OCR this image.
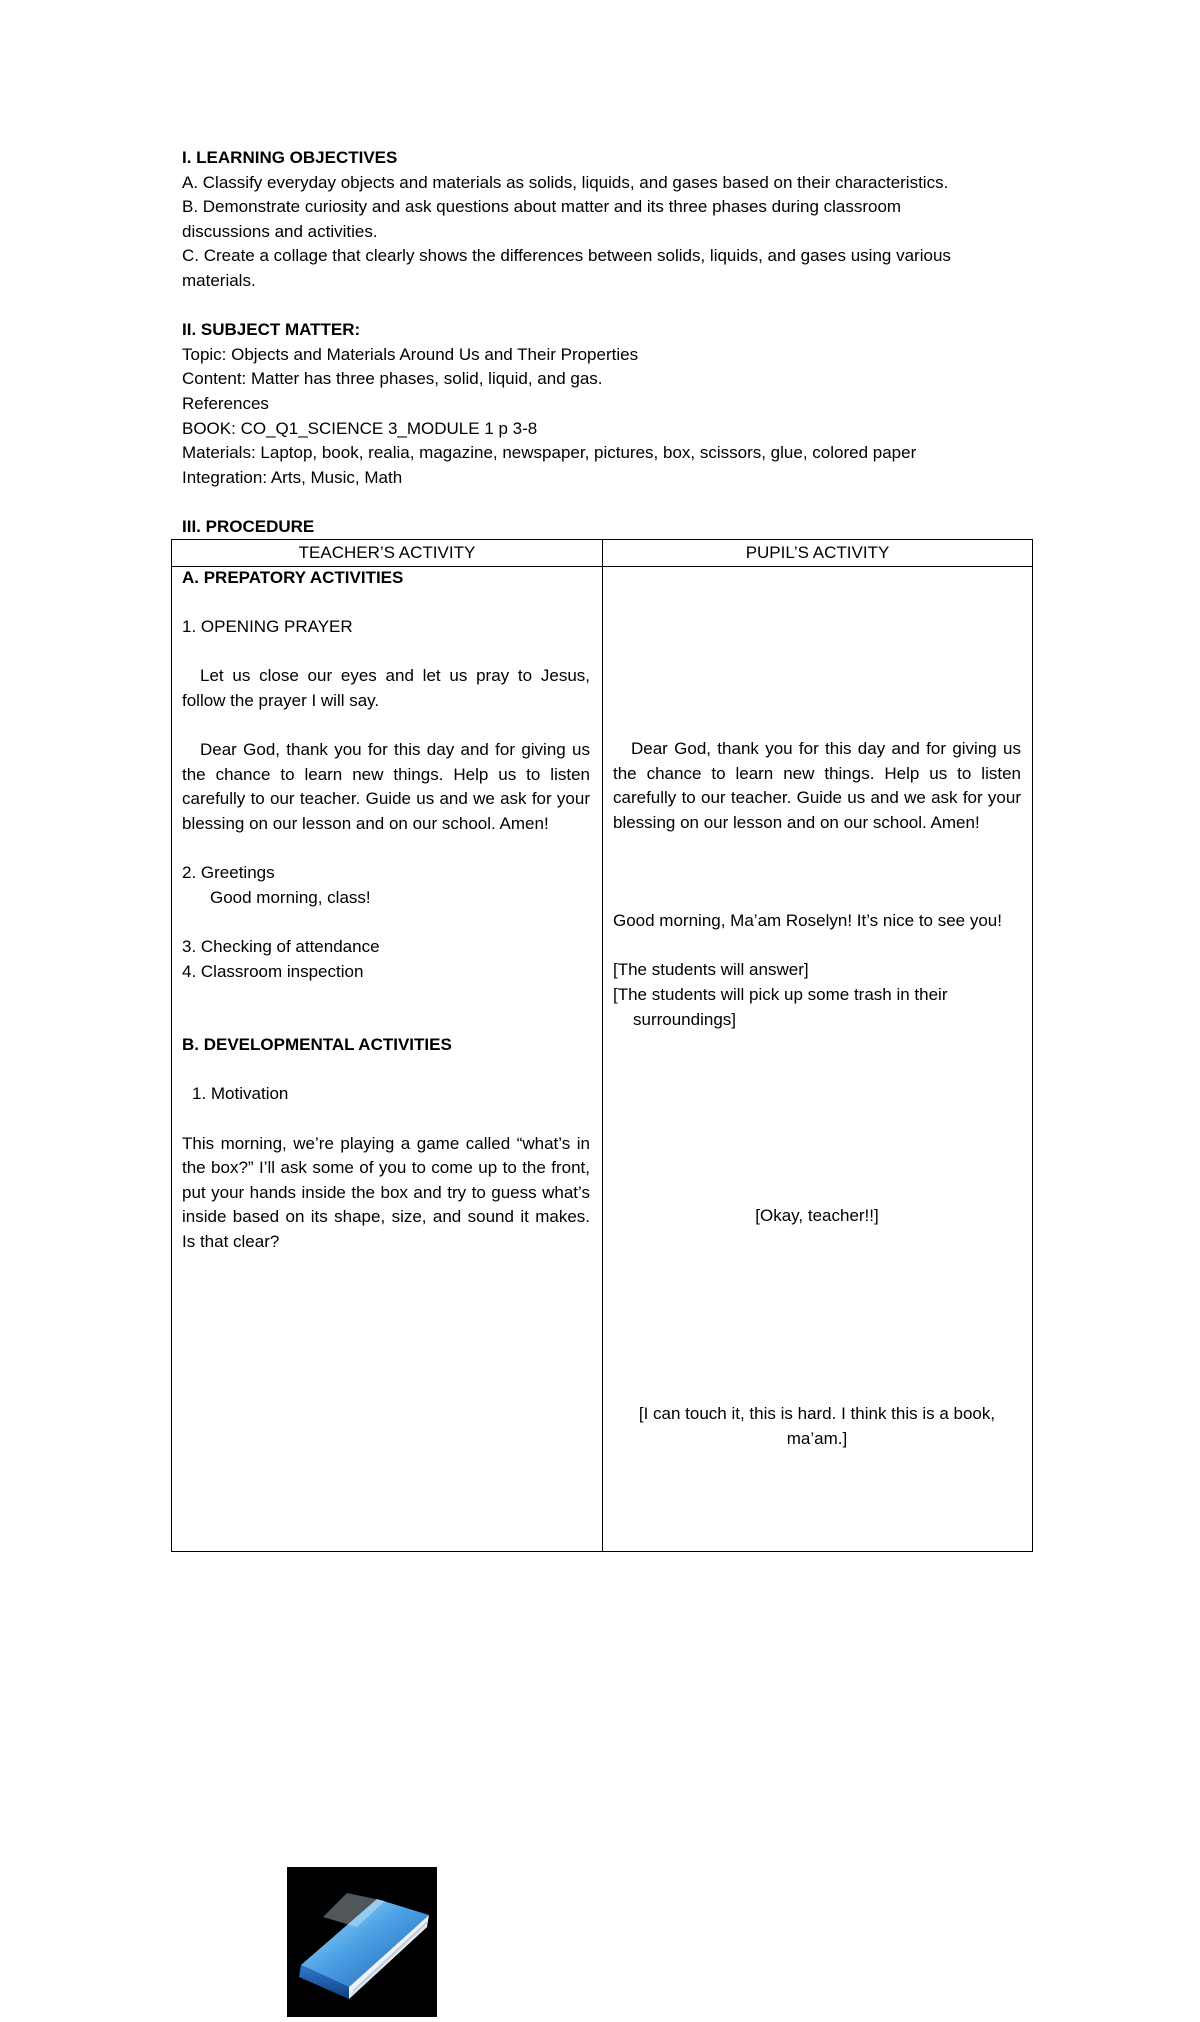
I. LEARNING OBJECTIVES
A. Classify everyday objects and materials as solids, liquids, and gases based on their characteristics.
B. Demonstrate curiosity and ask questions about matter and its three phases during classroom
discussions and activities.
C. Create a collage that clearly shows the differences between solids, liquids, and gases using various
materials.
II. SUBJECT MATTER:
Topic: Objects and Materials Around Us and Their Properties
Content: Matter has three phases, solid, liquid, and gas.
References
BOOK: CO_Q1_SCIENCE 3_MODULE 1 p 3-8
Materials: Laptop, book, realia, magazine, newspaper, pictures, box, scissors, glue, colored paper
Integration: Arts, Music, Math
III. PROCEDURE
TEACHER’S ACTIVITY	PUPIL’S ACTIVITY
A. PREPATORY ACTIVITIES
1. OPENING PRAYER
Let us close our eyes and let us pray to Jesus, follow the prayer I will say.
Dear God, thank you for this day and for giving us the chance to learn new things. Help us to listen carefully to our teacher. Guide us and we ask for your blessing on our lesson and on our school. Amen!
2. Greetings
Good morning, class!
3. Checking of attendance
4. Classroom inspection
B. DEVELOPMENTAL ACTIVITIES
1. Motivation
This morning, we’re playing a game called “what’s in the box?” I’ll ask some of you to come up to the front, put your hands inside the box and try to guess what’s inside based on its shape, size, and sound it makes. Is that clear?
Dear God, thank you for this day and for giving us the chance to learn new things. Help us to listen carefully to our teacher. Guide us and we ask for your blessing on our lesson and on our school. Amen!
Good morning, Ma’am Roselyn! It’s nice to see you!
[The students will answer]
[The students will pick up some trash in their surroundings]
[Okay, teacher!!]
[I can touch it, this is hard. I think this is a book, ma’am.]
